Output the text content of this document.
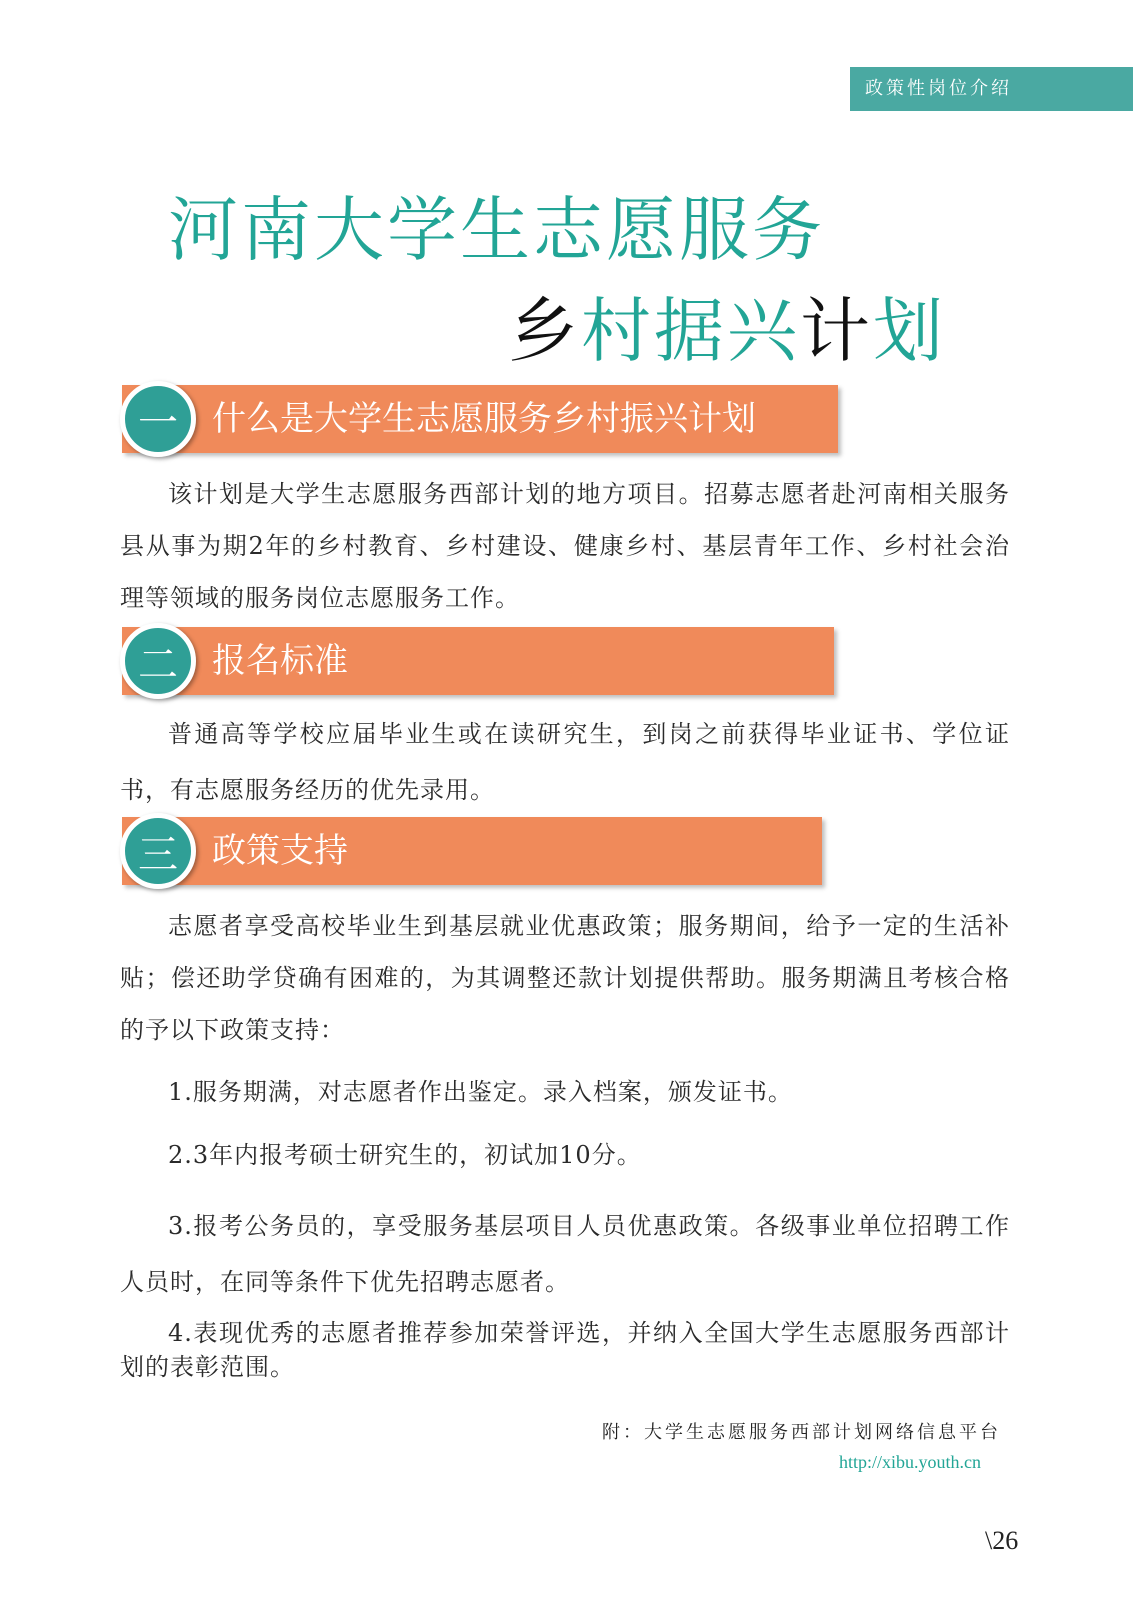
政策性岗位介绍
河南大学生志愿服务
乡村据兴计划
一	什么是大学生志愿服务乡村振兴计划

该计划是大学生志愿服务西部计划的地方项目。招募志愿者赴河南相关服务县从事为期2年的乡村教育、乡村建设、健康乡村、基层青年工作、乡村社会治理等领域的服务岗位志愿服务工作。

二	报名标准

普通高等学校应届毕业生或在读研究生，到岗之前获得毕业证书、学位证书，有志愿服务经历的优先录用。

三	政策支持

志愿者享受高校毕业生到基层就业优惠政策；服务期间，给予一定的生活补贴；偿还助学贷确有困难的，为其调整还款计划提供帮助。服务期满且考核合格的予以下政策支持：

1.服务期满，对志愿者作出鉴定。录入档案，颁发证书。

2.3年内报考硕士研究生的，初试加10分。

3.报考公务员的，享受服务基层项目人员优惠政策。各级事业单位招聘工作人员时，在同等条件下优先招聘志愿者。

4.表现优秀的志愿者推荐参加荣誉评选，并纳入全国大学生志愿服务西部计划的表彰范围。

附：大学生志愿服务西部计划网络信息平台
http://xibu.youth.cn
\26
